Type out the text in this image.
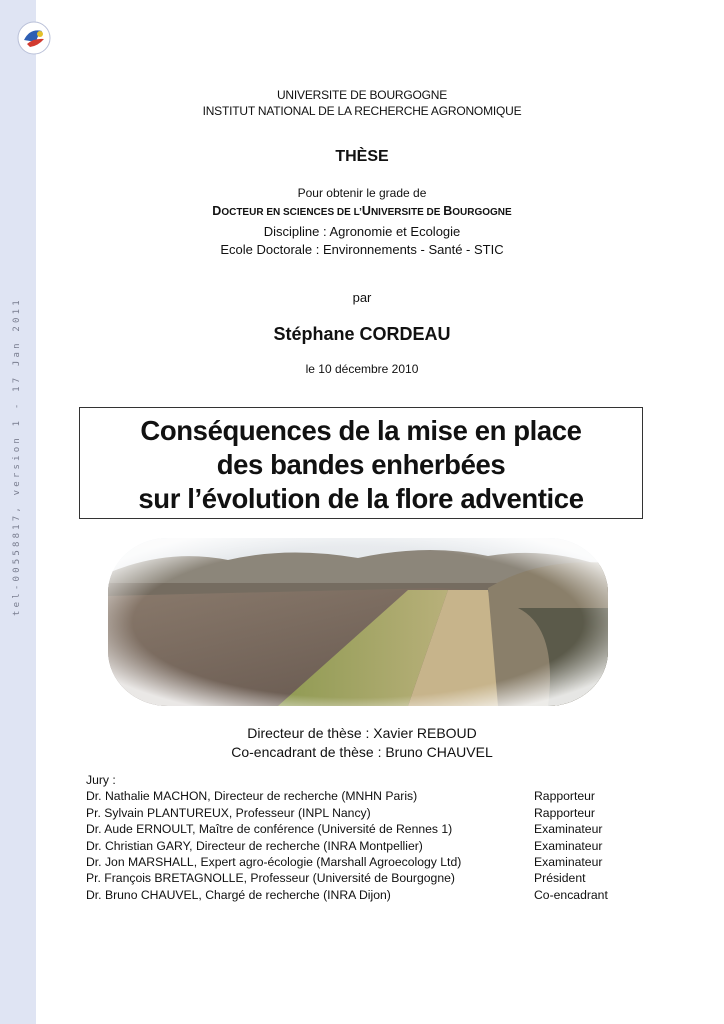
tel-00558817, version 1 - 17 Jan 2011
UNIVERSITE DE BOURGOGNE
INSTITUT NATIONAL DE LA RECHERCHE AGRONOMIQUE
THÈSE
Pour obtenir le grade de
DOCTEUR EN SCIENCES DE L’UNIVERSITE DE BOURGOGNE
Discipline : Agronomie et Ecologie
Ecole Doctorale : Environnements - Santé - STIC
par
Stéphane CORDEAU
le 10 décembre 2010
Conséquences de la mise en place
des bandes enherbées
sur l’évolution de la flore adventice
Directeur de thèse : Xavier REBOUD
Co-encadrant de thèse : Bruno CHAUVEL
Jury :
Dr. Nathalie MACHON, Directeur de recherche (MNHN Paris)	Rapporteur
Pr. Sylvain PLANTUREUX, Professeur (INPL Nancy)	Rapporteur
Dr. Aude ERNOULT, Maître de conférence (Université de Rennes 1)	Examinateur
Dr. Christian GARY, Directeur de recherche (INRA Montpellier)	Examinateur
Dr. Jon MARSHALL, Expert agro-écologie (Marshall Agroecology Ltd)	Examinateur
Pr. François BRETAGNOLLE, Professeur (Université de Bourgogne)	Président
Dr. Bruno CHAUVEL, Chargé de recherche (INRA Dijon)	Co-encadrant
